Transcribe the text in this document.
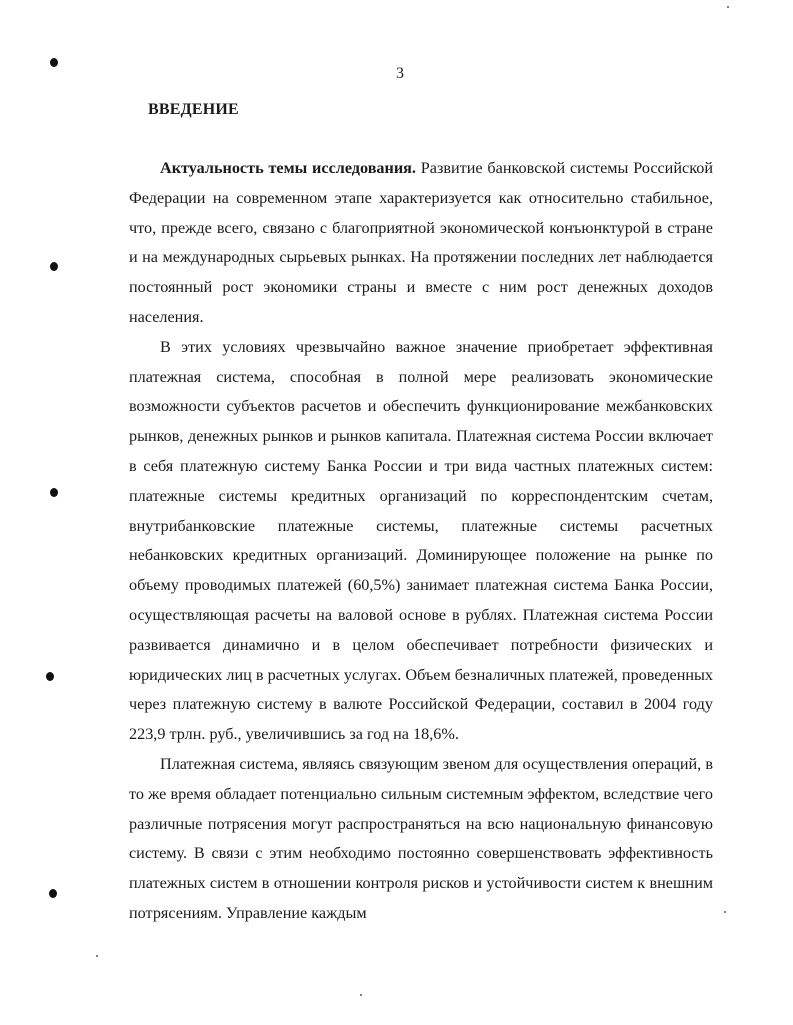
3
ВВЕДЕНИЕ

Актуальность темы исследования. Развитие банковской системы Российской Федерации на современном этапе характеризуется как относительно стабильное, что, прежде всего, связано с благоприятной экономической конъюнктурой в стране и на международных сырьевых рынках. На протяжении последних лет наблюдается постоянный рост экономики страны и вместе с ним рост денежных доходов населения.

В этих условиях чрезвычайно важное значение приобретает эффективная платежная система, способная в полной мере реализовать экономические возможности субъектов расчетов и обеспечить функционирование межбанковских рынков, денежных рынков и рынков капитала. Платежная система России включает в себя платежную систему Банка России и три вида частных платежных систем: платежные системы кредитных организаций по корреспондентским счетам, внутрибанковские платежные системы, платежные системы расчетных небанковских кредитных организаций. Доминирующее положение на рынке по объему проводимых платежей (60,5%) занимает платежная система Банка России, осуществляющая расчеты на валовой основе в рублях. Платежная система России развивается динамично и в целом обеспечивает потребности физических и юридических лиц в расчетных услугах. Объем безналичных платежей, проведенных через платежную систему в валюте Российской Федерации, составил в 2004 году 223,9 трлн. руб., увеличившись за год на 18,6%.

Платежная система, являясь связующим звеном для осуществления операций, в то же время обладает потенциально сильным системным эффектом, вследствие чего различные потрясения могут распространяться на всю национальную финансовую систему. В связи с этим необходимо постоянно совершенствовать эффективность платежных систем в отношении контроля рисков и устойчивости систем к внешним потрясениям. Управление каждым
